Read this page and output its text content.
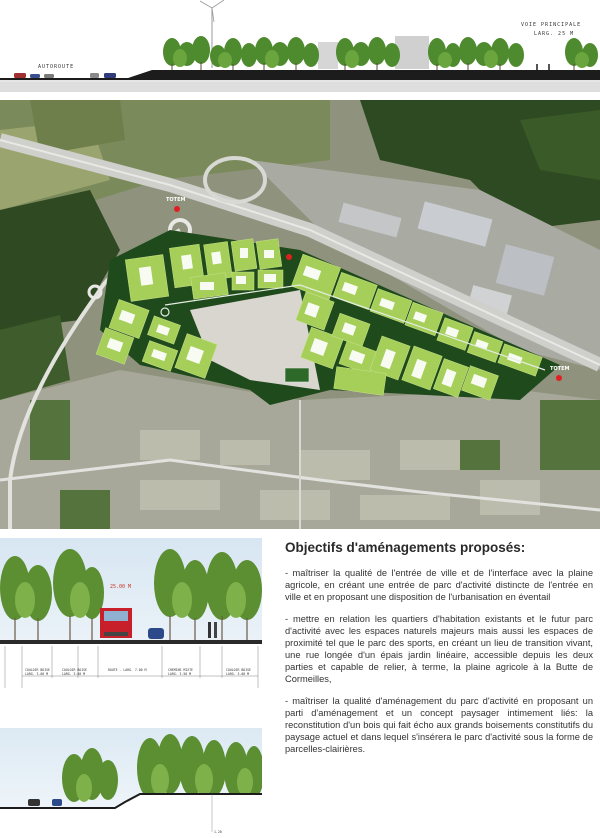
AUTOROUTE
VOIE PRINCIPALE
LARG. 25 M
TOTEM
TOTEM
25.00 M
COULOIR BOISE LARG. 3.00 M
COULOIR BOISE LARG. 3.00 M
ROUTE - LARG. 7.00 M	CHEMINS MIXTE LARG. 3.50 M
COULOIR BOISE LARG. 3.00 M
1.20
Objectifs d'aménagements proposés:

- maîtriser la qualité de l'entrée de ville et de l'interface avec la plaine agricole, en créant une entrée de parc d'activité distincte de l'entrée en ville et en proposant une disposition de l'urbanisation en éventail

- mettre en relation les quartiers d'habitation existants et le futur parc d'activité avec les espaces naturels majeurs mais aussi les espaces de proximité tel que le parc des sports, en créant un lieu de transition vivant, une rue longée d'un épais jardin linéaire, accessible depuis les deux parties et capable de relier, à terme, la plaine agricole à la Butte de Cormeilles,

- maîtriser la qualité d'aménagement du parc d'activité en proposant un parti d'aménagement et un concept paysager intimement liés: la reconstitution d'un bois qui fait écho aux grands boisements constitutifs du paysage actuel et dans lequel s'insérera le parc d'activité sous la forme de parcelles-clairières.
